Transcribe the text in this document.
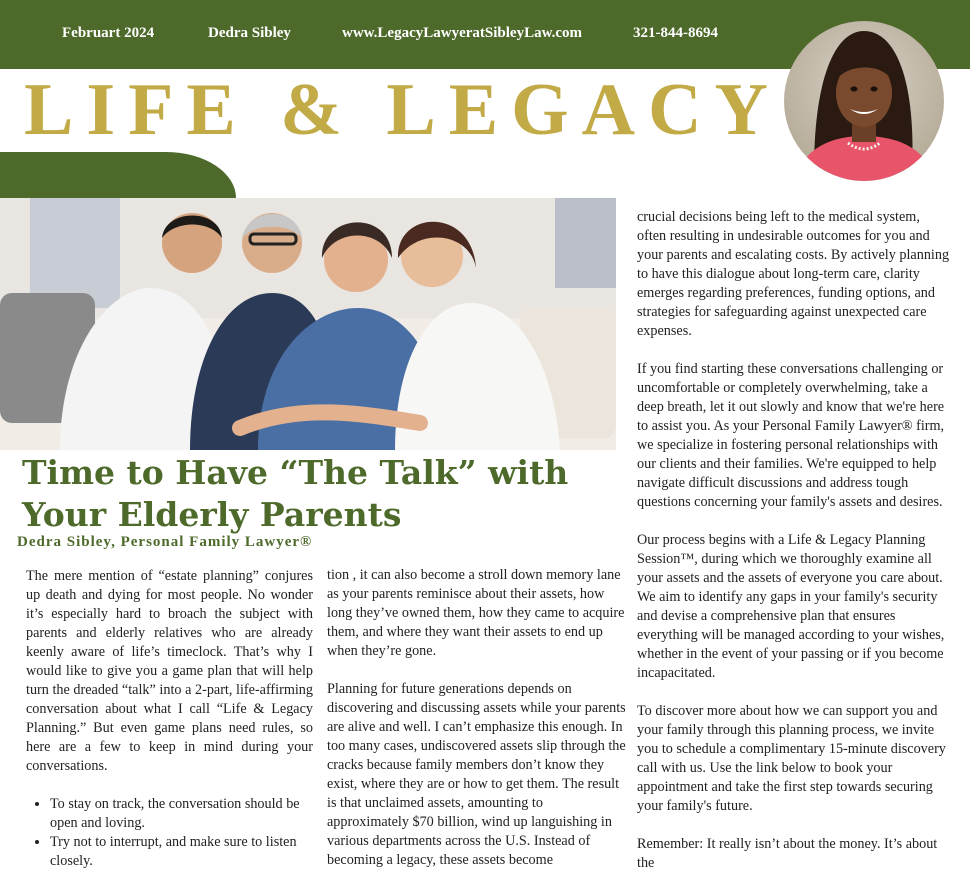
Februart 2024	Dedra Sibley	www.LegacyLawyeratSibleyLaw.com	321-844-8694
LIFE & LEGACY
Time to Have “The Talk” with Your Elderly Parents
Dedra Sibley, Personal Family Lawyer®

The mere mention of “estate planning” conjures up death and dying for most people. No wonder it’s especially hard to broach the subject with parents and elderly relatives who are already keenly aware of life’s timeclock. That’s why I would like to give you a game plan that will help turn the dreaded “talk” into a 2-part, life-affirming conversation about what I call “Life & Legacy Planning.” But even game plans need rules, so here are a few to keep in mind during your conversations.

• To stay on track, the conversation should be open and loving.
• Try not to interrupt, and make sure to listen closely.

tion , it can also become a stroll down memory lane as your parents reminisce about their assets, how long they’ve owned them, how they came to acquire them, and where they want their assets to end up when they’re gone.

Planning for future generations depends on discovering and discussing assets while your parents are alive and well. I can’t emphasize this enough. In too many cases, undiscovered assets slip through the cracks because family members don’t know they exist, where they are or how to get them. The result is that unclaimed assets, amounting to approximately $70 billion, wind up languishing in various departments across the U.S. Instead of becoming a legacy, these assets become

crucial decisions being left to the medical system, often resulting in undesirable outcomes for you and your parents and escalating costs. By actively planning to have this dialogue about long-term care, clarity emerges regarding preferences, funding options, and strategies for safeguarding against unexpected care expenses.

If you find starting these conversations challenging or uncomfortable or completely overwhelming, take a deep breath, let it out slowly and know that we're here to assist you. As your Personal Family Lawyer® firm, we specialize in fostering personal relationships with our clients and their families. We're equipped to help navigate difficult discussions and address tough questions concerning your family's assets and desires.

Our process begins with a Life & Legacy Planning Session™, during which we thoroughly examine all your assets and the assets of everyone you care about. We aim to identify any gaps in your family's security and devise a comprehensive plan that ensures everything will be managed according to your wishes, whether in the event of your passing or if you become incapacitated.

To discover more about how we can support you and your family through this planning process, we invite you to schedule a complimentary 15-minute discovery call with us. Use the link below to book your appointment and take the first step towards securing your family's future.

Remember: It really isn’t about the money. It’s about the
